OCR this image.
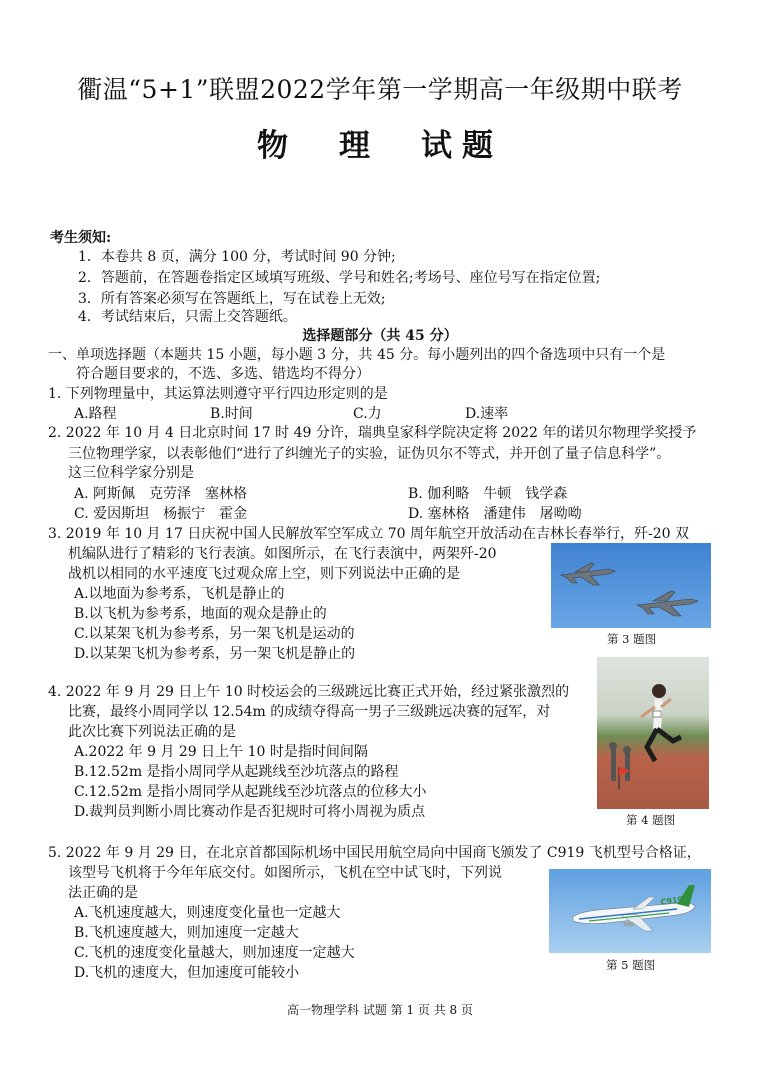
衢温“5+1”联盟2022学年第一学期高一年级期中联考
物　理　试题
考生须知:
1．本卷共 8 页，满分 100 分，考试时间 90 分钟;
2．答题前，在答题卷指定区域填写班级、学号和姓名;考场号、座位号写在指定位置;
3．所有答案必须写在答题纸上，写在试卷上无效;
4．考试结束后，只需上交答题纸。
选择题部分（共 45 分）
一、单项选择题（本题共 15 小题，每小题 3 分，共 45 分。每小题列出的四个备选项中只有一个是
符合题目要求的，不选、多选、错选均不得分）
1. 下列物理量中，其运算法则遵守平行四边形定则的是
A.路程	B.时间	C.力	D.速率
2. 2022 年 10 月 4 日北京时间 17 时 49 分许，瑞典皇家科学院决定将 2022 年的诺贝尔物理学奖授予
三位物理学家，以表彰他们“进行了纠缠光子的实验，证伪贝尔不等式，并开创了量子信息科学”。
这三位科学家分别是
A. 阿斯佩　克劳泽　塞林格	B. 伽利略　牛顿　钱学森
C. 爱因斯坦　杨振宁　霍金	D. 塞林格　潘建伟　屠呦呦
3. 2019 年 10 月 17 日庆祝中国人民解放军空军成立 70 周年航空开放活动在吉林长春举行，歼-20 双
机编队进行了精彩的飞行表演。如图所示，在飞行表演中，两架歼-20
战机以相同的水平速度飞过观众席上空，则下列说法中正确的是
A.以地面为参考系，飞机是静止的
B.以飞机为参考系，地面的观众是静止的
C.以某架飞机为参考系，另一架飞机是运动的
D.以某架飞机为参考系，另一架飞机是静止的
第 3 题图
4. 2022 年 9 月 29 日上午 10 时校运会的三级跳远比赛正式开始，经过紧张激烈的
比赛，最终小周同学以 12.54m 的成绩夺得高一男子三级跳远决赛的冠军，对
此次比赛下列说法正确的是
A.2022 年 9 月 29 日上午 10 时是指时间间隔
B.12.52m 是指小周同学从起跳线至沙坑落点的路程
C.12.52m 是指小周同学从起跳线至沙坑落点的位移大小
D.裁判员判断小周比赛动作是否犯规时可将小周视为质点	第 4 题图
5. 2022 年 9 月 29 日，在北京首都国际机场中国民用航空局向中国商飞颁发了 C919 飞机型号合格证，
该型号飞机将于今年年底交付。如图所示，飞机在空中试飞时，下列说
法正确的是
A.飞机速度越大，则速度变化量也一定越大
B.飞机速度越大，则加速度一定越大
C.飞机的速度变化量越大，则加速度一定越大
D.飞机的速度大，但加速度可能较小
C919
第 5 题图
高一物理学科 试题 第 1 页 共 8 页
